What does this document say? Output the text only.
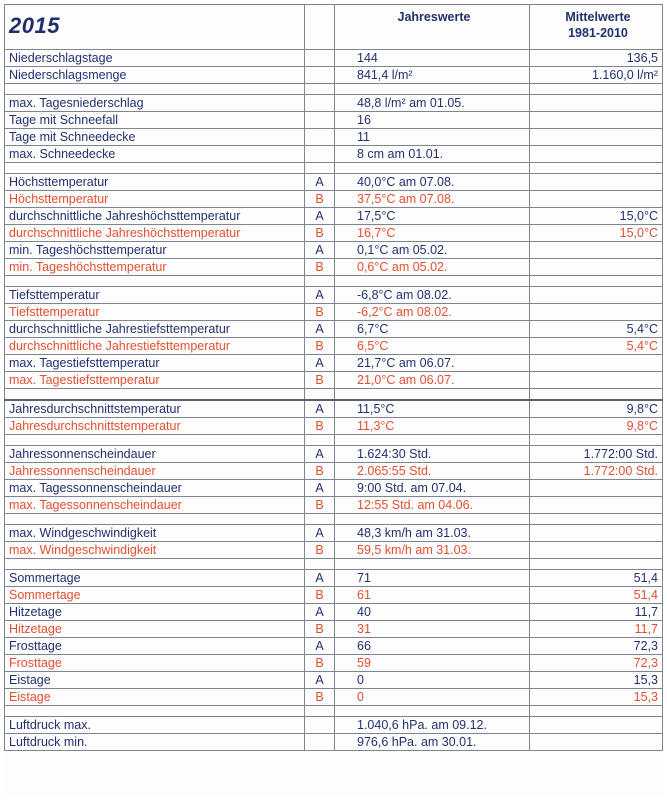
2015		Jahreswerte	Mittelwerte
1981-2010
Niederschlagstage		144	136,5
Niederschlagsmenge		841,4 l/m²	1.160,0 l/m²

max. Tagesniederschlag		48,8 l/m² am 01.05.	
Tage mit Schneefall		16	
Tage mit Schneedecke		11	
max. Schneedecke		8 cm am 01.01.	

Höchsttemperatur	A	40,0°C am 07.08.	
Höchsttemperatur	B	37,5°C am 07.08.	
durchschnittliche Jahreshöchsttemperatur	A	17,5°C	15,0°C
durchschnittliche Jahreshöchsttemperatur	B	16,7°C	15,0°C
min. Tageshöchsttemperatur	A	0,1°C am 05.02.	
min. Tageshöchsttemperatur	B	0,6°C am 05.02.	

Tiefsttemperatur	A	-6,8°C am 08.02.	
Tiefsttemperatur	B	-6,2°C am 08.02.	
durchschnittliche Jahrestiefsttemperatur	A	6,7°C	5,4°C
durchschnittliche Jahrestiefsttemperatur	B	6,5°C	5,4°C
max. Tagestiefsttemperatur	A	21,7°C am 06.07.	
max. Tagestiefsttemperatur	B	21,0°C am 06.07.	

Jahresdurchschnittstemperatur	A	11,5°C	9,8°C
Jahresdurchschnittstemperatur	B	11,3°C	9,8°C

Jahressonnenscheindauer	A	1.624:30 Std.	1.772:00 Std.
Jahressonnenscheindauer	B	2.065:55 Std.	1.772:00 Std.
max. Tagessonnenscheindauer	A	9:00 Std. am 07.04.	
max. Tagessonnenscheindauer	B	12:55 Std. am 04.06.	

max. Windgeschwindigkeit	A	48,3 km/h am 31.03.	
max. Windgeschwindigkeit	B	59,5 km/h am 31.03.	

Sommertage	A	71	51,4
Sommertage	B	61	51,4
Hitzetage	A	40	11,7
Hitzetage	B	31	11,7
Frosttage	A	66	72,3
Frosttage	B	59	72,3
Eistage	A	0	15,3
Eistage	B	0	15,3

Luftdruck max.		1.040,6 hPa. am 09.12.	
Luftdruck min.		976,6 hPa. am 30.01.	
